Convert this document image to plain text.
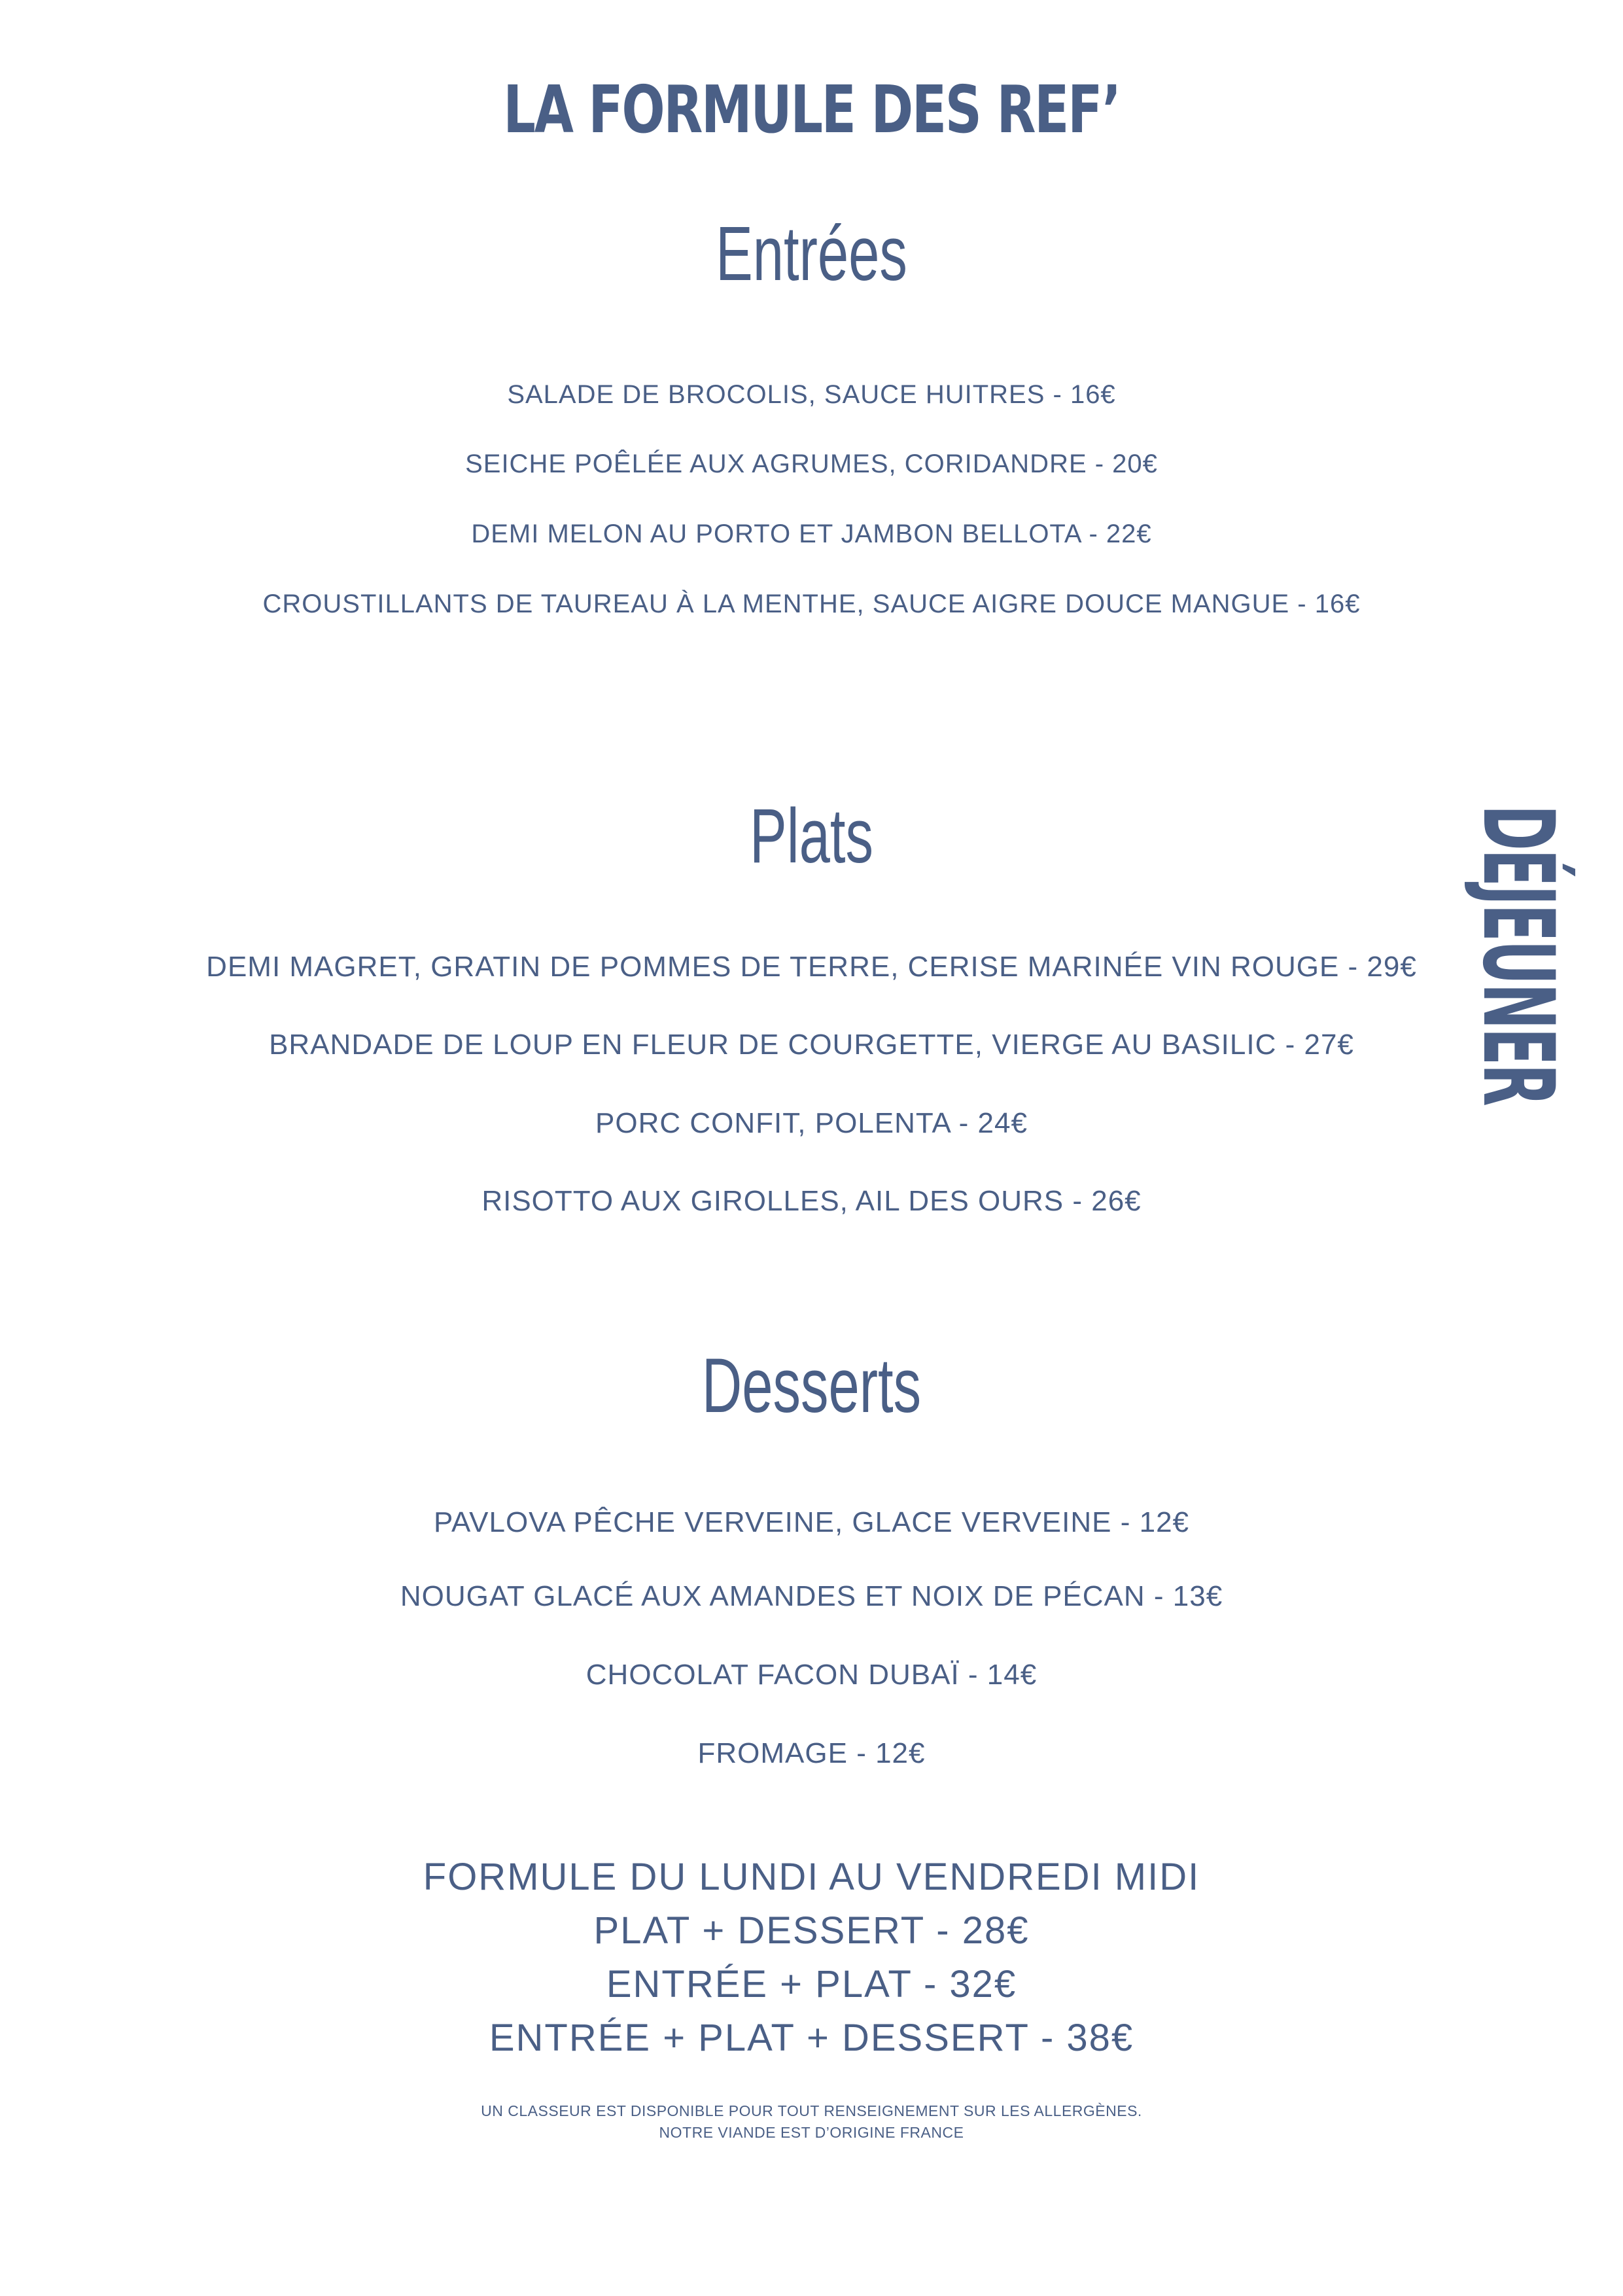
LA FORMULE DES REF’
Entrées
SALADE DE BROCOLIS, SAUCE HUITRES - 16€
SEICHE POÊLÉE AUX AGRUMES, CORIDANDRE - 20€
DEMI MELON AU PORTO ET JAMBON BELLOTA - 22€
CROUSTILLANTS DE TAUREAU À LA MENTHE, SAUCE AIGRE DOUCE MANGUE - 16€
Plats
DEMI MAGRET, GRATIN DE POMMES DE TERRE, CERISE MARINÉE VIN ROUGE - 29€
BRANDADE DE LOUP EN FLEUR DE COURGETTE, VIERGE AU BASILIC - 27€
PORC CONFIT, POLENTA - 24€
RISOTTO AUX GIROLLES, AIL DES OURS - 26€
Desserts
PAVLOVA PÊCHE VERVEINE, GLACE VERVEINE - 12€
NOUGAT GLACÉ AUX AMANDES ET NOIX DE PÉCAN - 13€
CHOCOLAT FACON DUBAÏ - 14€
FROMAGE - 12€
FORMULE DU LUNDI AU VENDREDI MIDI
PLAT + DESSERT - 28€
ENTRÉE + PLAT - 32€
ENTRÉE + PLAT + DESSERT - 38€
UN CLASSEUR EST DISPONIBLE POUR TOUT RENSEIGNEMENT SUR LES ALLERGÈNES.
NOTRE VIANDE EST D’ORIGINE FRANCE
DÉJEUNER
